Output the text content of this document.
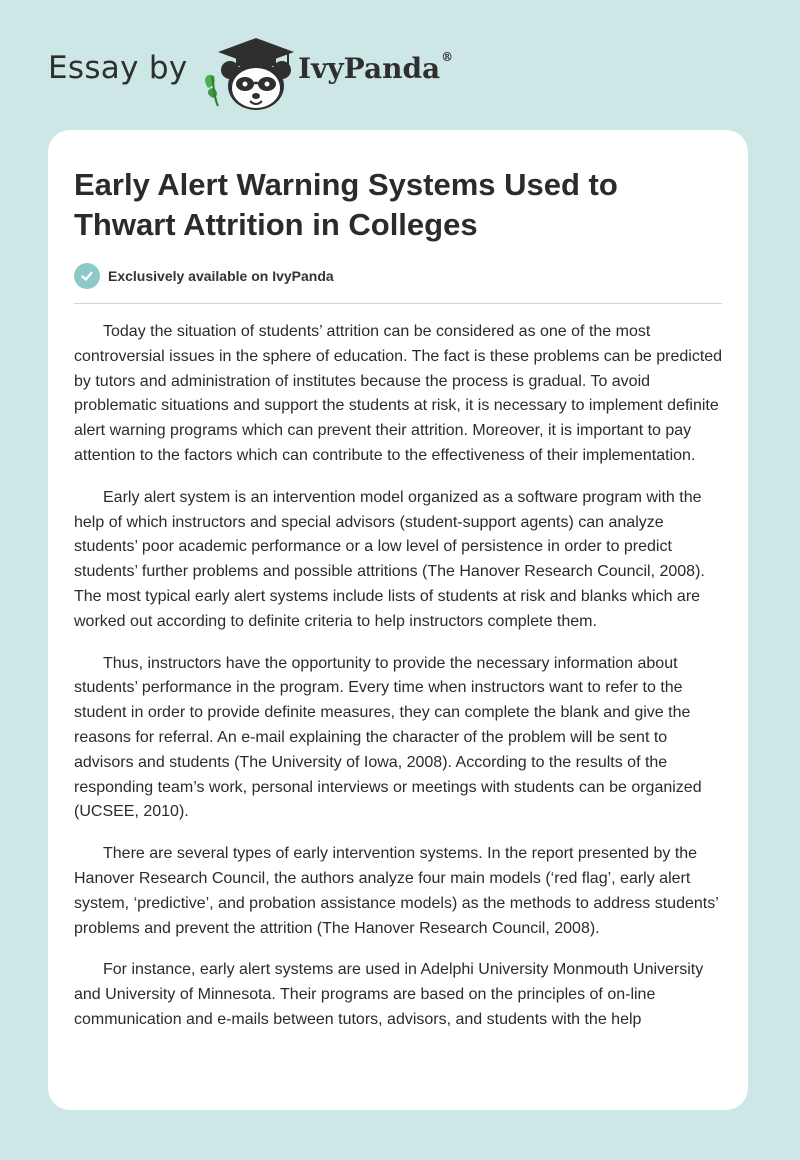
Essay by	IvyPanda®
Early Alert Warning Systems Used to Thwart Attrition in Colleges
Exclusively available on IvyPanda

Today the situation of students’ attrition can be considered as one of the most controversial issues in the sphere of education. The fact is these problems can be predicted by tutors and administration of institutes because the process is gradual. To avoid problematic situations and support the students at risk, it is necessary to implement definite alert warning programs which can prevent their attrition. Moreover, it is important to pay attention to the factors which can contribute to the effectiveness of their implementation.

Early alert system is an intervention model organized as a software program with the help of which instructors and special advisors (student-support agents) can analyze students’ poor academic performance or a low level of persistence in order to predict students’ further problems and possible attritions (The Hanover Research Council, 2008). The most typical early alert systems include lists of students at risk and blanks which are worked out according to definite criteria to help instructors complete them.

Thus, instructors have the opportunity to provide the necessary information about students’ performance in the program. Every time when instructors want to refer to the student in order to provide definite measures, they can complete the blank and give the reasons for referral. An e-mail explaining the character of the problem will be sent to advisors and students (The University of Iowa, 2008). According to the results of the responding team’s work, personal interviews or meetings with students can be organized (UCSEE, 2010).

There are several types of early intervention systems. In the report presented by the Hanover Research Council, the authors analyze four main models (‘red flag’, early alert system, ‘predictive’, and probation assistance models) as the methods to address students’ problems and prevent the attrition (The Hanover Research Council, 2008).

For instance, early alert systems are used in Adelphi University Monmouth University and University of Minnesota. Their programs are based on the principles of on-line communication and e-mails between tutors, advisors, and students with the help
